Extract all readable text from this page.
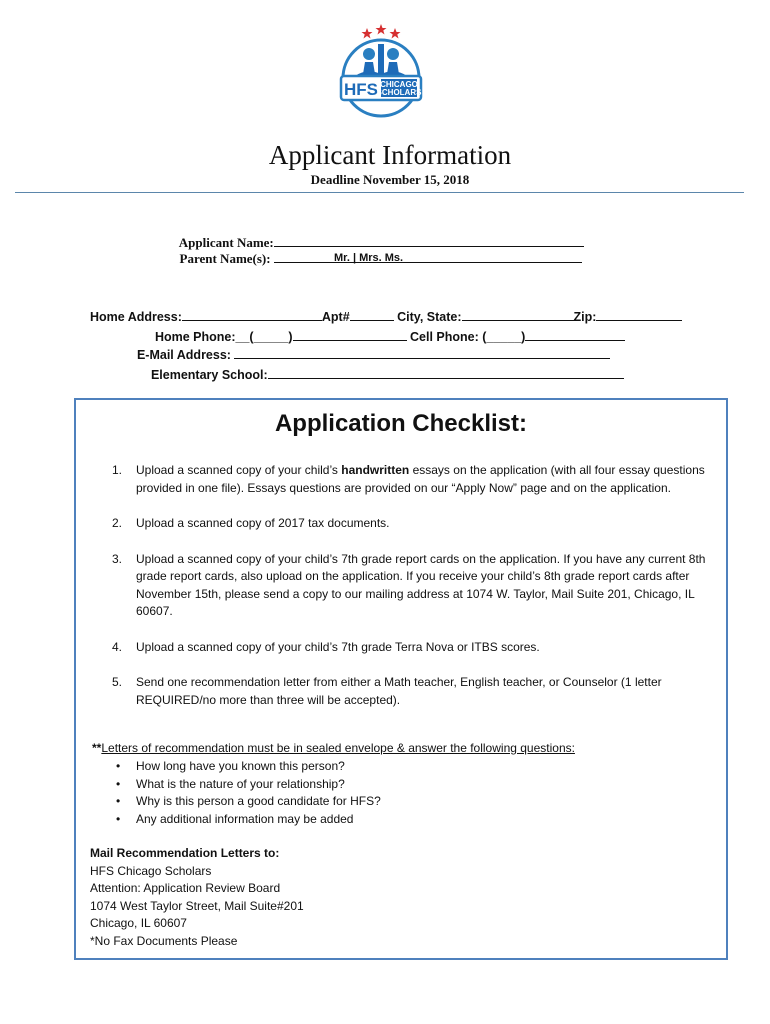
HFS CHICAGO
SCHOLARS
Applicant Information
Deadline November 15, 2018

Applicant Name:

Parent Name(s):	Mr. | Mrs. Ms.

Home Address:	Apt#	City, State:	Zip:

Home Phone:__(_____)	Cell Phone: (_____)

E-Mail Address:

Elementary School:

Application Checklist:
1. Upload a scanned copy of your child’s handwritten essays on the application (with all four essay questions provided in one file). Essays questions are provided on our “Apply Now” page and on the application.
2. Upload a scanned copy of 2017 tax documents.
3. Upload a scanned copy of your child’s 7th grade report cards on the application. If you have any current 8th grade report cards, also upload on the application. If you receive your child’s 8th grade report cards after November 15th, please send a copy to our mailing address at 1074 W. Taylor, Mail Suite 201, Chicago, IL 60607.
4. Upload a scanned copy of your child’s 7th grade Terra Nova or ITBS scores.
5. Send one recommendation letter from either a Math teacher, English teacher, or Counselor (1 letter REQUIRED/no more than three will be accepted).
**Letters of recommendation must be in sealed envelope & answer the following questions:
• How long have you known this person?
• What is the nature of your relationship?
• Why is this person a good candidate for HFS?
• Any additional information may be added
Mail Recommendation Letters to:
HFS Chicago Scholars
Attention: Application Review Board
1074 West Taylor Street, Mail Suite#201
Chicago, IL 60607
*No Fax Documents Please
